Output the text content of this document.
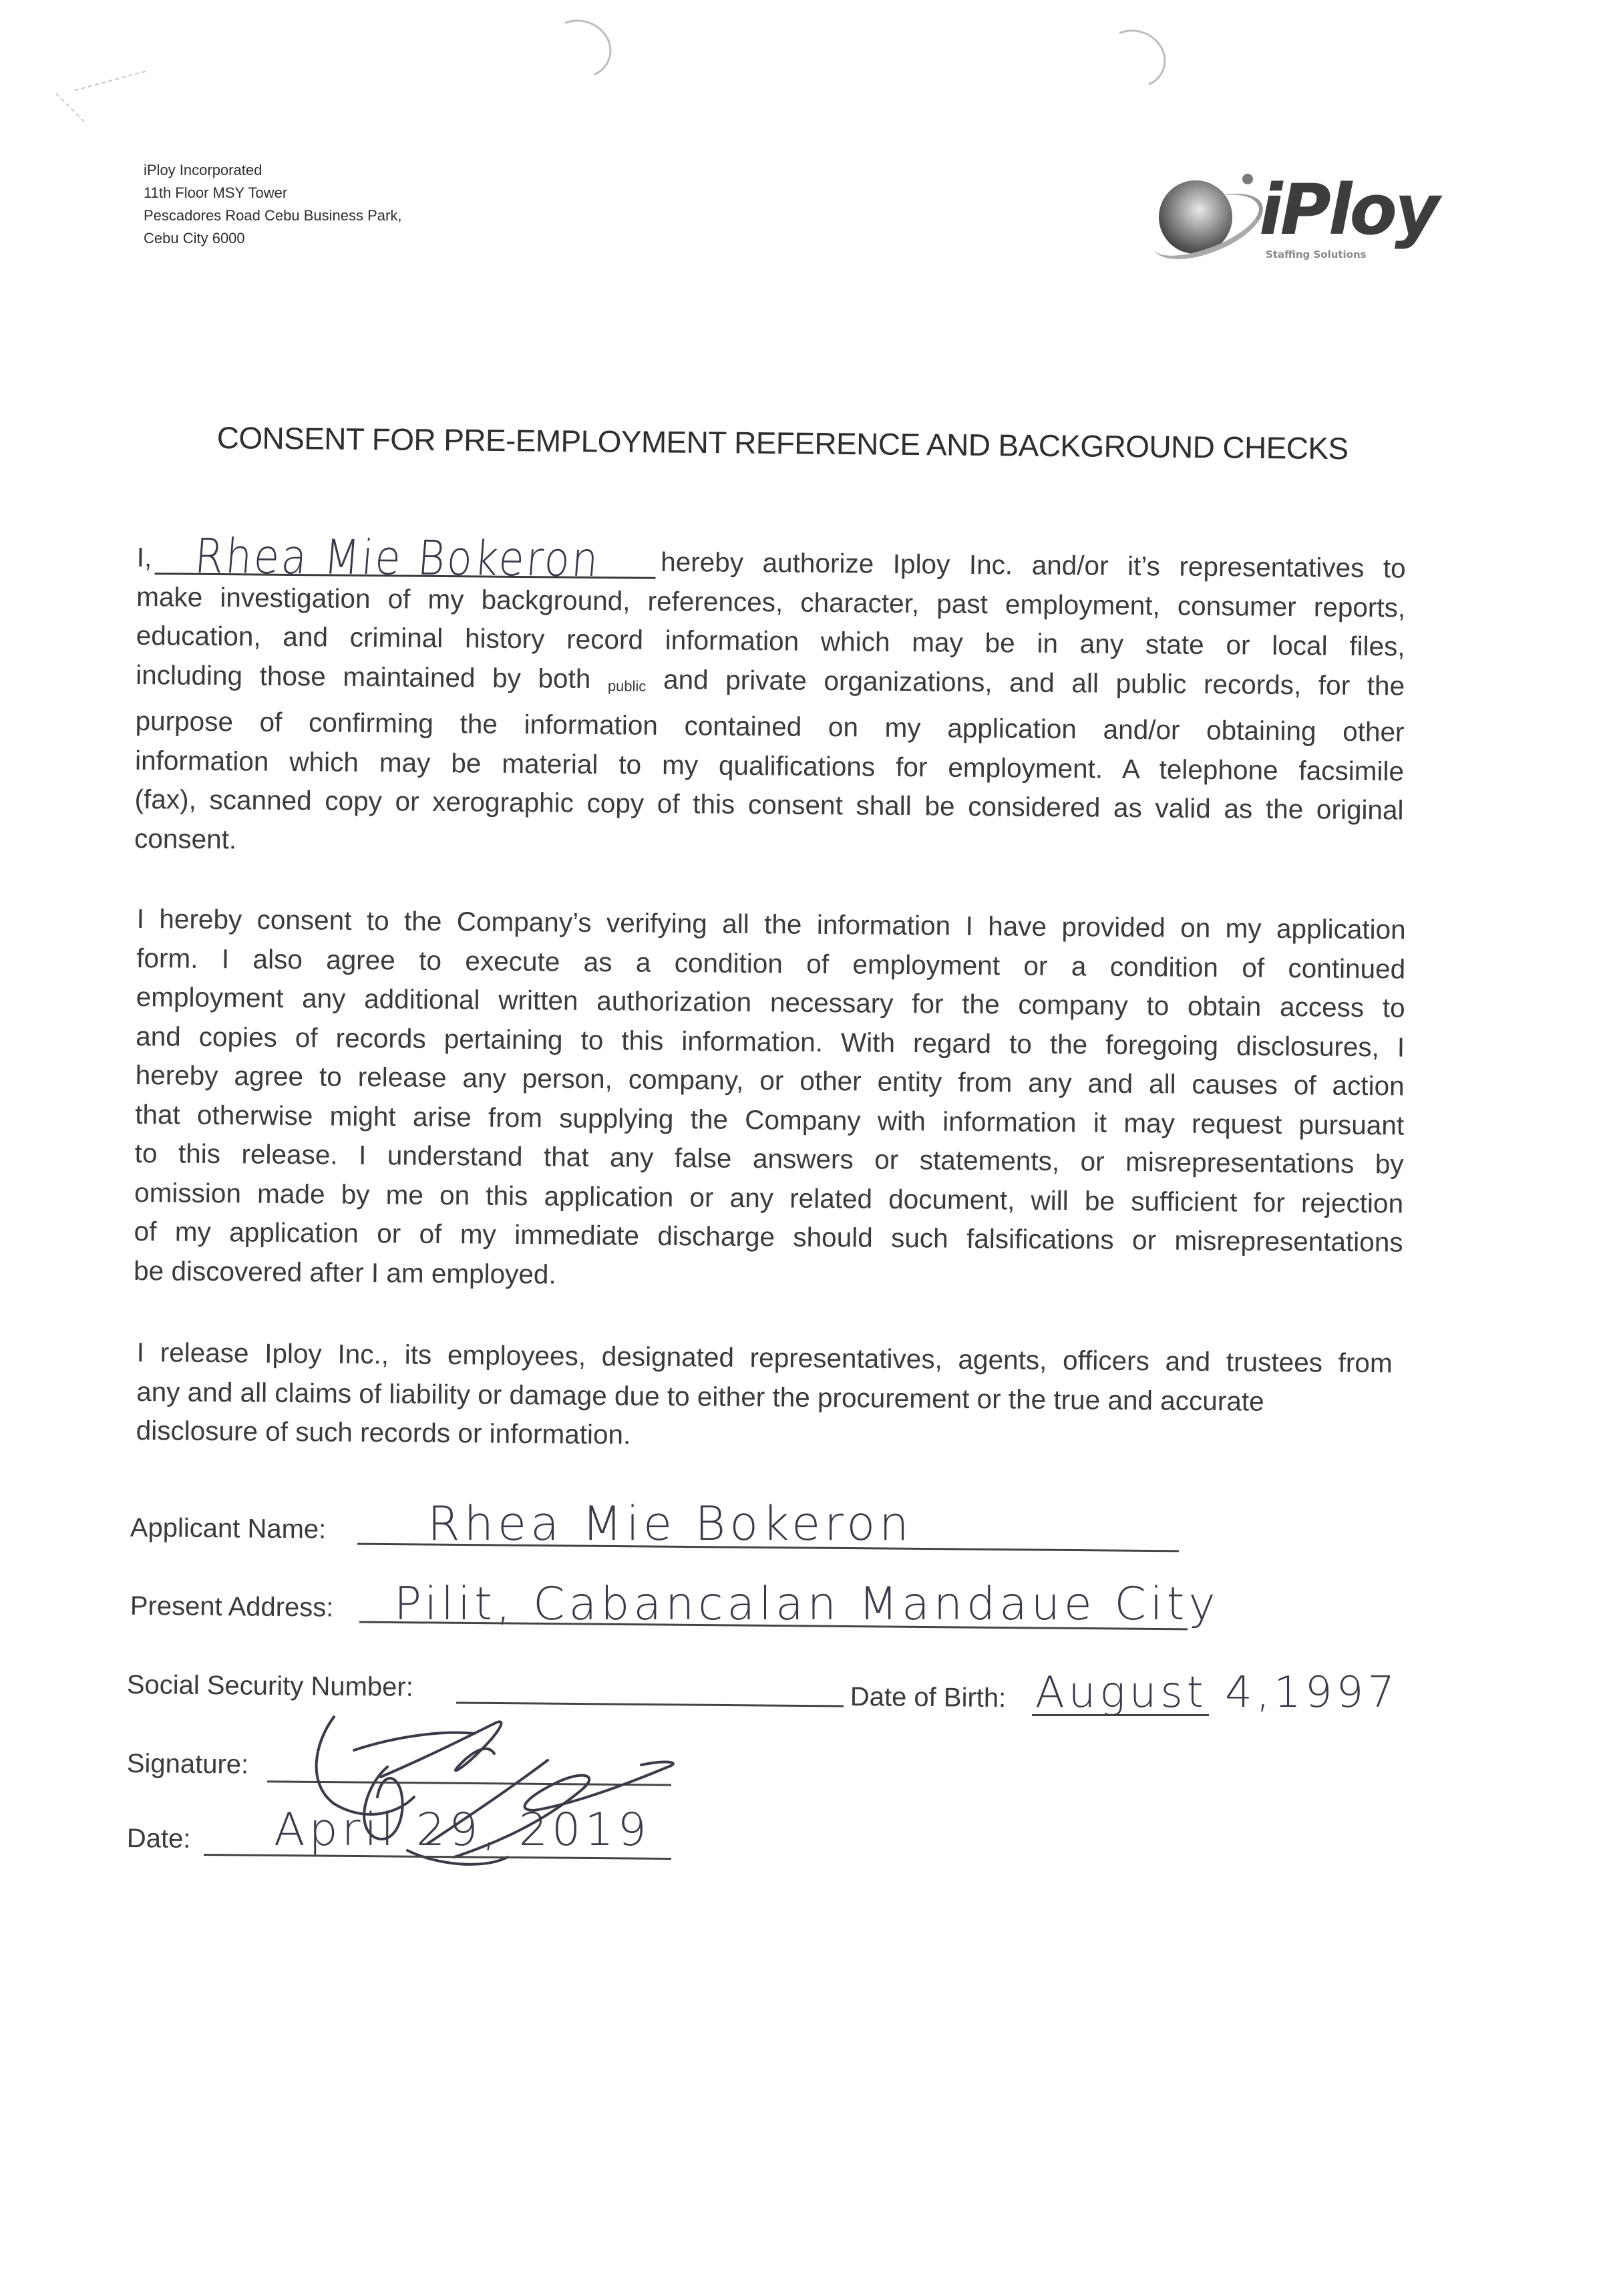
iPloy Incorporated
11th Floor MSY Tower
Pescadores Road Cebu Business Park,
Cebu City 6000	iPloy
Staffing Solutions
CONSENT FOR PRE-EMPLOYMENT REFERENCE AND BACKGROUND CHECKS
I, Rhea Mie Bokeron hereby authorize Iploy Inc. and/or it’s representatives to
make investigation of my background, references, character, past employment, consumer reports,
education, and criminal history record information which may be in any state or local files,
including those maintained by both public and private organizations, and all public records, for the
purpose of confirming the information contained on my application and/or obtaining other
information which may be material to my qualifications for employment. A telephone facsimile
(fax), scanned copy or xerographic copy of this consent shall be considered as valid as the original
consent.
I hereby consent to the Company’s verifying all the information I have provided on my application
form. I also agree to execute as a condition of employment or a condition of continued
employment any additional written authorization necessary for the company to obtain access to
and copies of records pertaining to this information. With regard to the foregoing disclosures, I
hereby agree to release any person, company, or other entity from any and all causes of action
that otherwise might arise from supplying the Company with information it may request pursuant
to this release. I understand that any false answers or statements, or misrepresentations by
omission made by me on this application or any related document, will be sufficient for rejection
of my application or of my immediate discharge should such falsifications or misrepresentations
be discovered after I am employed.
I release Iploy Inc., its employees, designated representatives, agents, officers and trustees from
any and all claims of liability or damage due to either the procurement or the true and accurate
disclosure of such records or information.
Applicant Name: Rhea Mie Bokeron
Present Address: Pilit, Cabancalan Mandaue City
Social Security Number:	Date of Birth: August 4,1997
Signature:
Date: April 29, 2019
